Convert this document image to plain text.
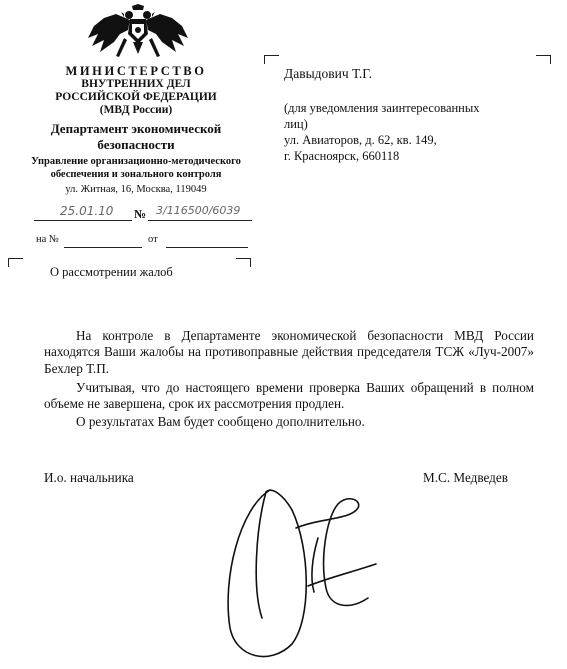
МИНИСТЕРСТВО
ВНУТРЕННИХ ДЕЛ
РОССИЙСКОЙ ФЕДЕРАЦИИ
(МВД России)
Департамент экономической
безопасности
Управление организационно-методического
обеспечения и зонального контроля
ул. Житная, 16, Москва, 119049
25.01.10 № 3/116500/6039
на №	от
О рассмотрении жалоб
Давыдович Т.Г.
(для уведомления заинтересованных
лиц)
ул. Авиаторов, д. 62, кв. 149,
г. Красноярск, 660118
На контроле в Департаменте экономической безопасности МВД России находятся Ваши жалобы на противоправные действия председателя ТСЖ «Луч-2007» Бехлер Т.П.
Учитывая, что до настоящего времени проверка Ваших обращений в полном объеме не завершена, срок их рассмотрения продлен.
О результатах Вам будет сообщено дополнительно.
И.о. начальника	М.С. Медведев
